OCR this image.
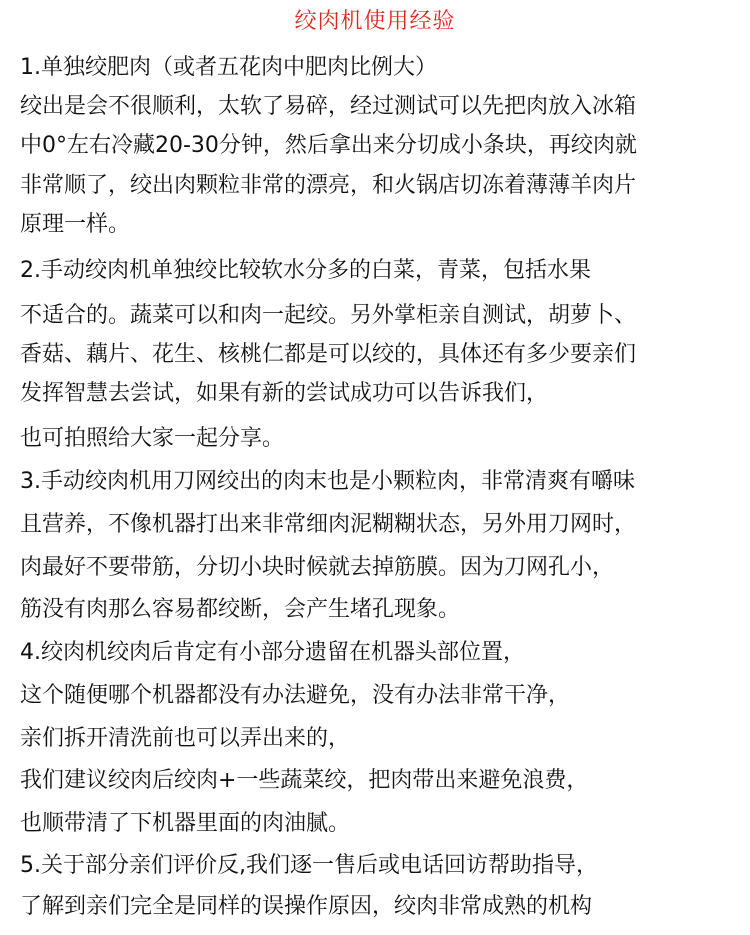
绞肉机使用经验
1.单独绞肥肉（或者五花肉中肥肉比例大）
绞出是会不很顺利，太软了易碎，经过测试可以先把肉放入冰箱
中0°左右冷藏20-30分钟，然后拿出来分切成小条块，再绞肉就
非常顺了，绞出肉颗粒非常的漂亮，和火锅店切冻着薄薄羊肉片
原理一样。
2.手动绞肉机单独绞比较软水分多的白菜，青菜，包括水果
不适合的。蔬菜可以和肉一起绞。另外掌柜亲自测试，胡萝卜、
香菇、藕片、花生、核桃仁都是可以绞的，具体还有多少要亲们
发挥智慧去尝试，如果有新的尝试成功可以告诉我们，
也可拍照给大家一起分享。
3.手动绞肉机用刀网绞出的肉末也是小颗粒肉，非常清爽有嚼味
且营养，不像机器打出来非常细肉泥糊糊状态，另外用刀网时，
肉最好不要带筋，分切小块时候就去掉筋膜。因为刀网孔小，
筋没有肉那么容易都绞断，会产生堵孔现象。
4.绞肉机绞肉后肯定有小部分遗留在机器头部位置，
这个随便哪个机器都没有办法避免，没有办法非常干净，
亲们拆开清洗前也可以弄出来的，
我们建议绞肉后绞肉+一些蔬菜绞，把肉带出来避免浪费，
也顺带清了下机器里面的肉油腻。
5.关于部分亲们评价反,我们逐一售后或电话回访帮助指导，
了解到亲们完全是同样的误操作原因，绞肉非常成熟的机构
